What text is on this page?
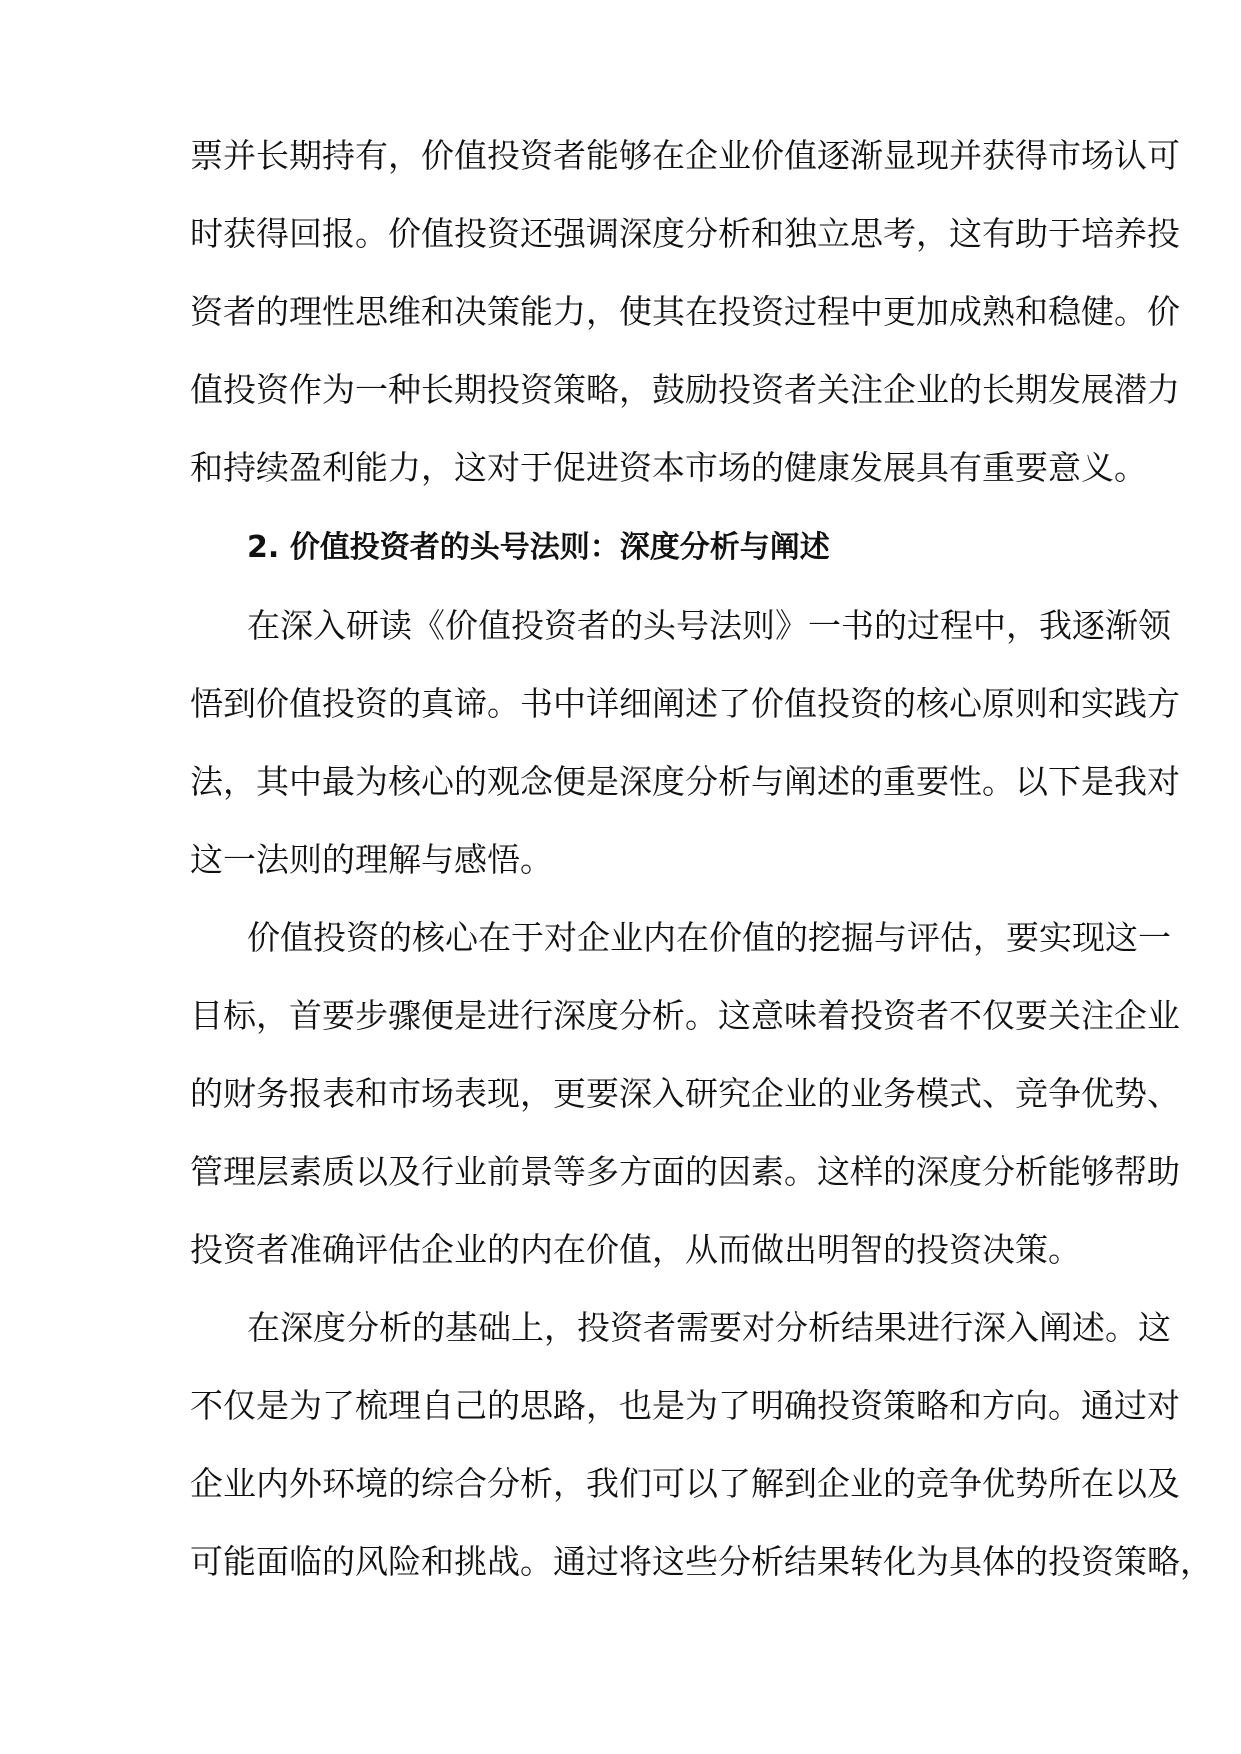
票并长期持有，价值投资者能够在企业价值逐渐显现并获得市场认可
时获得回报。价值投资还强调深度分析和独立思考，这有助于培养投
资者的理性思维和决策能力，使其在投资过程中更加成熟和稳健。价
值投资作为一种长期投资策略，鼓励投资者关注企业的长期发展潜力
和持续盈利能力，这对于促进资本市场的健康发展具有重要意义。
2. 价值投资者的头号法则：深度分析与阐述
在深入研读《价值投资者的头号法则》一书的过程中，我逐渐领
悟到价值投资的真谛。书中详细阐述了价值投资的核心原则和实践方
法，其中最为核心的观念便是深度分析与阐述的重要性。以下是我对
这一法则的理解与感悟。
价值投资的核心在于对企业内在价值的挖掘与评估，要实现这一
目标，首要步骤便是进行深度分析。这意味着投资者不仅要关注企业
的财务报表和市场表现，更要深入研究企业的业务模式、竞争优势、
管理层素质以及行业前景等多方面的因素。这样的深度分析能够帮助
投资者准确评估企业的内在价值，从而做出明智的投资决策。
在深度分析的基础上，投资者需要对分析结果进行深入阐述。这
不仅是为了梳理自己的思路，也是为了明确投资策略和方向。通过对
企业内外环境的综合分析，我们可以了解到企业的竞争优势所在以及
可能面临的风险和挑战。通过将这些分析结果转化为具体的投资策略，
